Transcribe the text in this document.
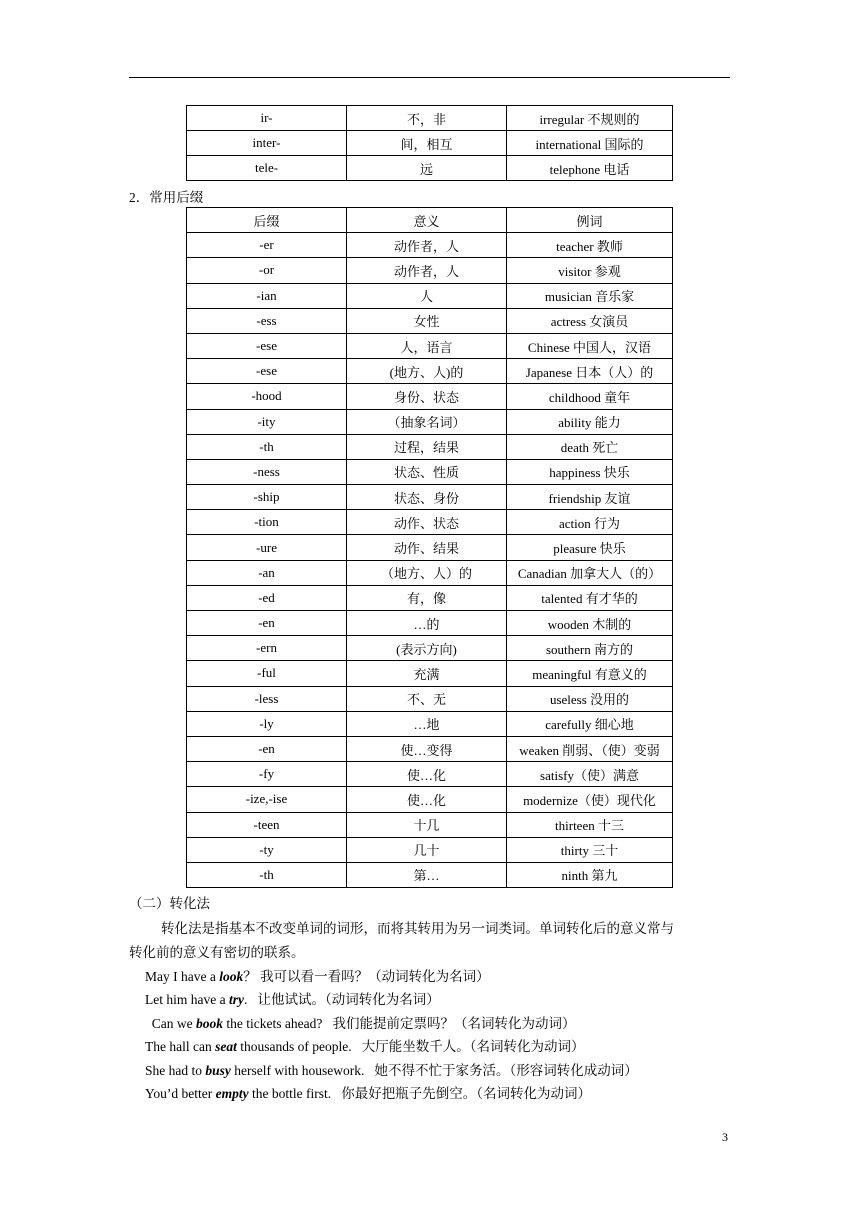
ir-	不，非	irregular 不规则的
inter-	间，相互	international 国际的
tele-	远	telephone 电话
2．常用后缀
后缀	意义	例词
-er	动作者，人	teacher 教师
-or	动作者，人	visitor 参观
-ian	人	musician 音乐家
-ess	女性	actress 女演员
-ese	人，语言	Chinese 中国人，汉语
-ese	(地方、人)的	Japanese 日本（人）的
-hood	身份、状态	childhood 童年
-ity	（抽象名词）	ability 能力
-th	过程，结果	death 死亡
-ness	状态、性质	happiness 快乐
-ship	状态、身份	friendship 友谊
-tion	动作、状态	action 行为
-ure	动作、结果	pleasure 快乐
-an	（地方、人）的	Canadian 加拿大人（的）
-ed	有，像	talented 有才华的
-en	…的	wooden 木制的
-ern	(表示方向)	southern 南方的
-ful	充满	meaningful 有意义的
-less	不、无	useless 没用的
-ly	…地	carefully 细心地
-en	使…变得	weaken 削弱、（使）变弱
-fy	使…化	satisfy（使）满意
-ize,-ise	使…化	modernize（使）现代化
-teen	十几	thirteen 十三
-ty	几十	thirty 三十
-th	第…	ninth 第九
（二）转化法
转化法是指基本不改变单词的词形，而将其转用为另一词类词。单词转化后的意义常与
转化前的意义有密切的联系。
May I have a look？ 我可以看一看吗？（动词转化为名词）
Let him have a try.   让他试试。（动词转化为名词）
Can we book the tickets ahead?   我们能提前定票吗？（名词转化为动词）
The hall can seat thousands of people.   大厅能坐数千人。（名词转化为动词）
She had to busy herself with housework.   她不得不忙于家务活。（形容词转化成动词）
You’d better empty the bottle first.   你最好把瓶子先倒空。（名词转化为动词）
3
